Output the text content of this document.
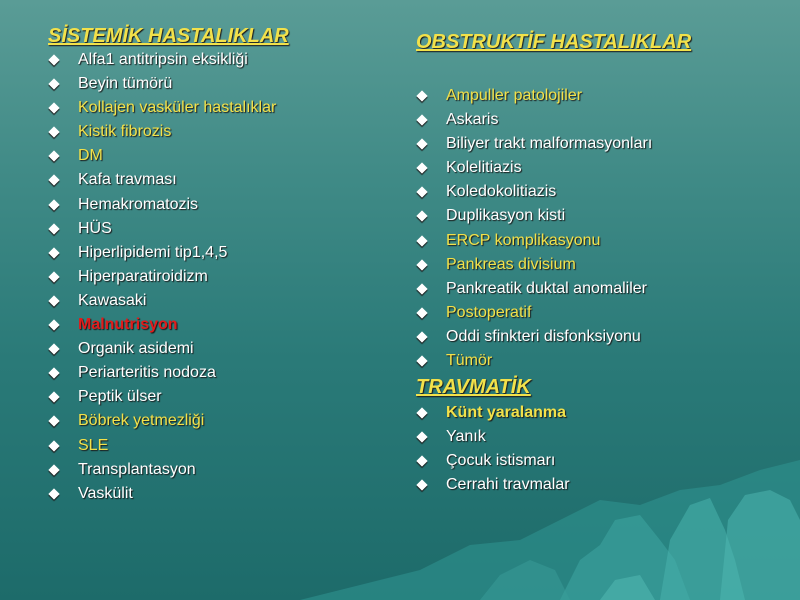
SİSTEMİK HASTALIKLAR
Alfa1 antitripsin eksikliği
Beyin tümörü
Kollajen vasküler hastalıklar
Kistik fibrozis
DM
Kafa travması
Hemakromatozis
HÜS
Hiperlipidemi tip1,4,5
Hiperparatiroidizm
Kawasaki
Malnutrisyon
Organik asidemi
Periarteritis nodoza
Peptik ülser
Böbrek yetmezliği
SLE
Transplantasyon
Vaskülit
OBSTRUKTİF HASTALIKLAR
Ampuller patolojiler
Askaris
Biliyer trakt malformasyonları
Kolelitiazis
Koledokolitiazis
Duplikasyon kisti
ERCP komplikasyonu
Pankreas divisium
Pankreatik duktal anomaliler
Postoperatif
Oddi sfinkteri disfonksiyonu
Tümör
TRAVMATİK
Künt yaralanma
Yanık
Çocuk istismarı
Cerrahi travmalar
